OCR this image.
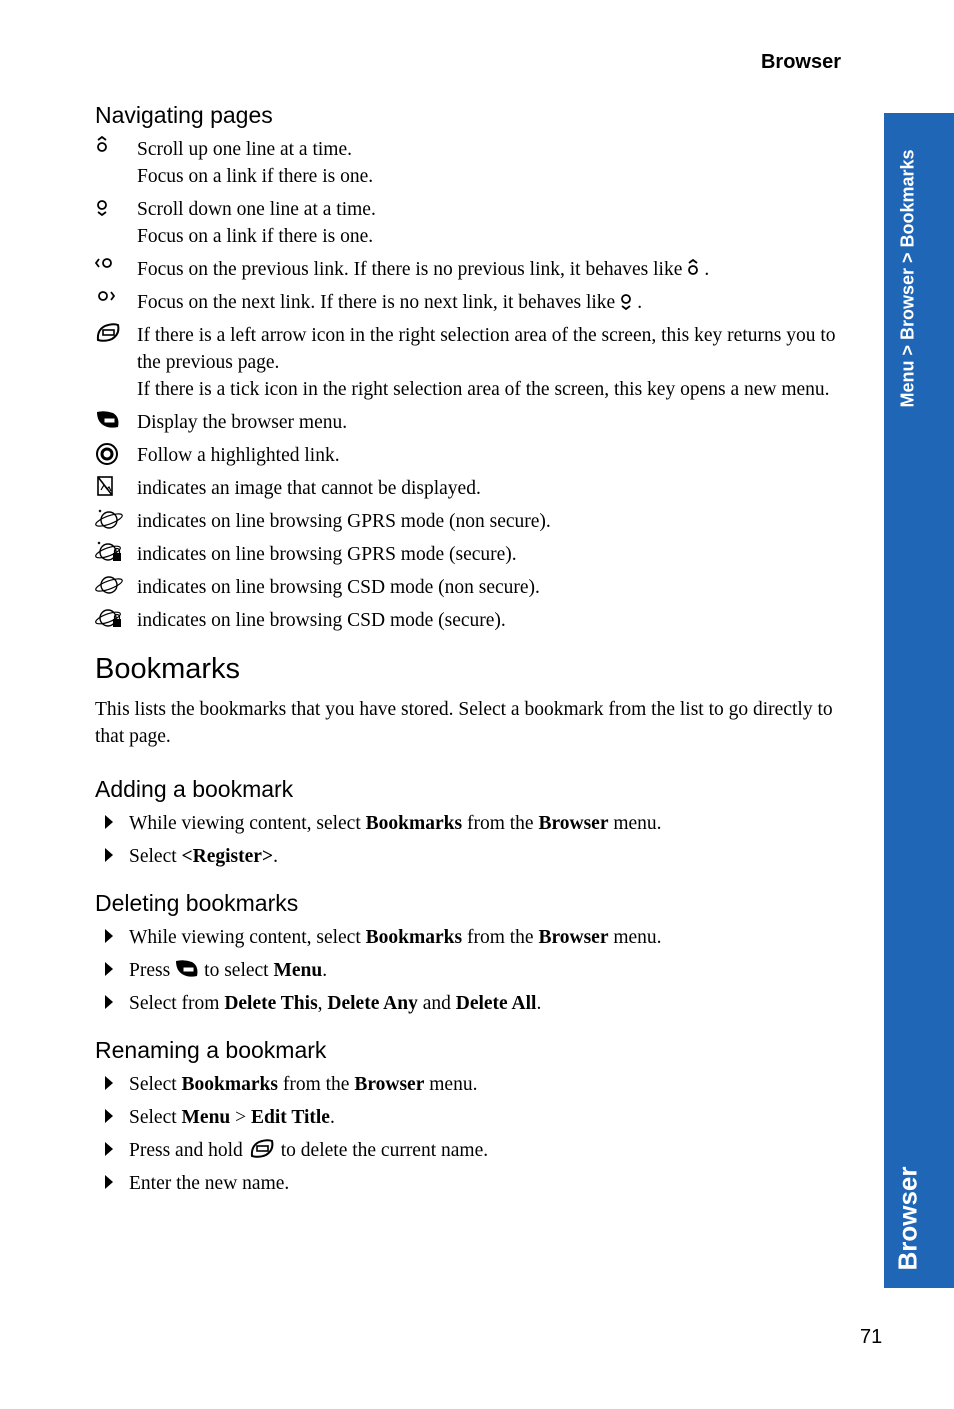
Browser
Menu > Browser > Bookmarks
Browser
Navigating pages
Scroll up one line at a time.
Focus on a link if there is one.
Scroll down one line at a time.
Focus on a link if there is one.
Focus on the previous link. If there is no previous link, it behaves like .
Focus on the next link. If there is no next link, it behaves like .
If there is a left arrow icon in the right selection area of the screen, this key returns you to the previous page.
If there is a tick icon in the right selection area of the screen, this key opens a new menu.
Display the browser menu.
Follow a highlighted link.
indicates an image that cannot be displayed.
indicates on line browsing GPRS mode (non secure).
indicates on line browsing GPRS mode (secure).
indicates on line browsing CSD mode (non secure).
indicates on line browsing CSD mode (secure).
Bookmarks

This lists the bookmarks that you have stored. Select a bookmark from the list to go directly to that page.

Adding a bookmark
While viewing content, select Bookmarks from the Browser menu.
Select <Register>.
Deleting bookmarks
While viewing content, select Bookmarks from the Browser menu.
Press to select Menu.
Select from Delete This, Delete Any and Delete All.
Renaming a bookmark
Select Bookmarks from the Browser menu.
Select Menu > Edit Title.
Press and hold to delete the current name.
Enter the new name.
71
